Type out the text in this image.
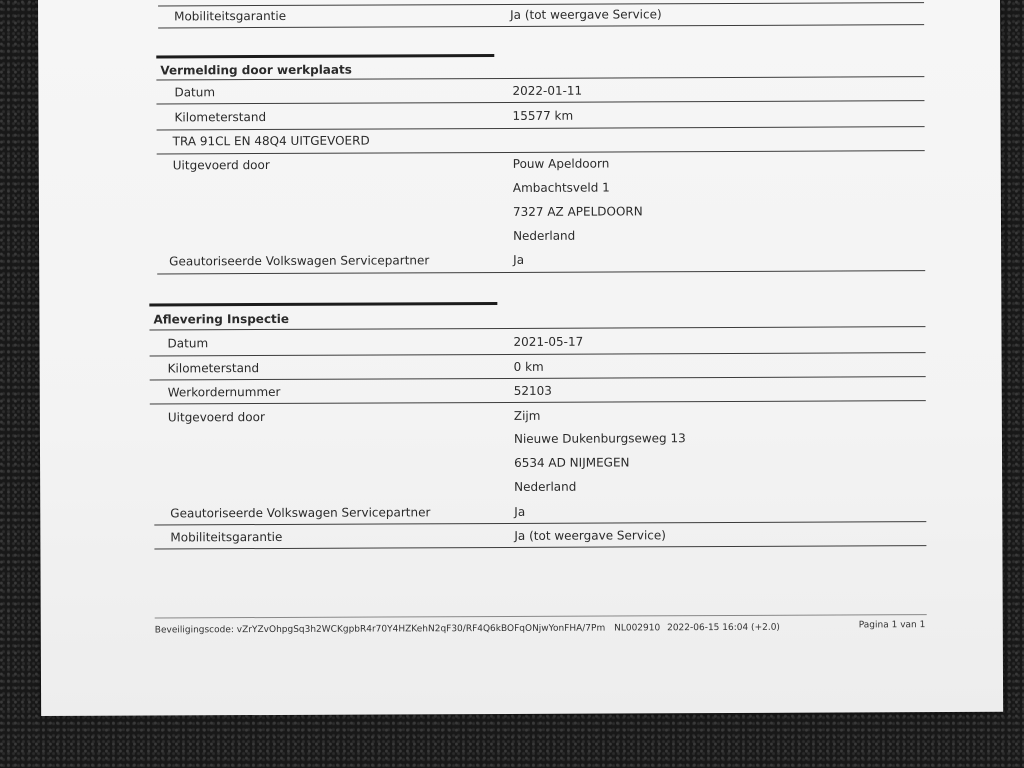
Mobiliteitsgarantie	Ja (tot weergave Service)
Vermelding door werkplaats
Datum	2022-01-11
Kilometerstand	15577 km
TRA 91CL EN 48Q4 UITGEVOERD
Uitgevoerd door	Pouw Apeldoorn
Ambachtsveld 1
7327 AZ APELDOORN
Nederland
Geautoriseerde Volkswagen Servicepartner	Ja
Aflevering Inspectie
Datum	2021-05-17
Kilometerstand	0 km
Werkordernummer	52103
Uitgevoerd door	Zijm
Nieuwe Dukenburgseweg 13
6534 AD NIJMEGEN
Nederland
Geautoriseerde Volkswagen Servicepartner	Ja
Mobiliteitsgarantie	Ja (tot weergave Service)
Beveiligingscode: vZrYZvOhpgSq3h2WCKgpbR4r70Y4HZKehN2qF30/RF4Q6kBOFqONjwYonFHA/7Pm NL002910 2022-06-15 16:04 (+2.0)	Pagina 1 van 1
